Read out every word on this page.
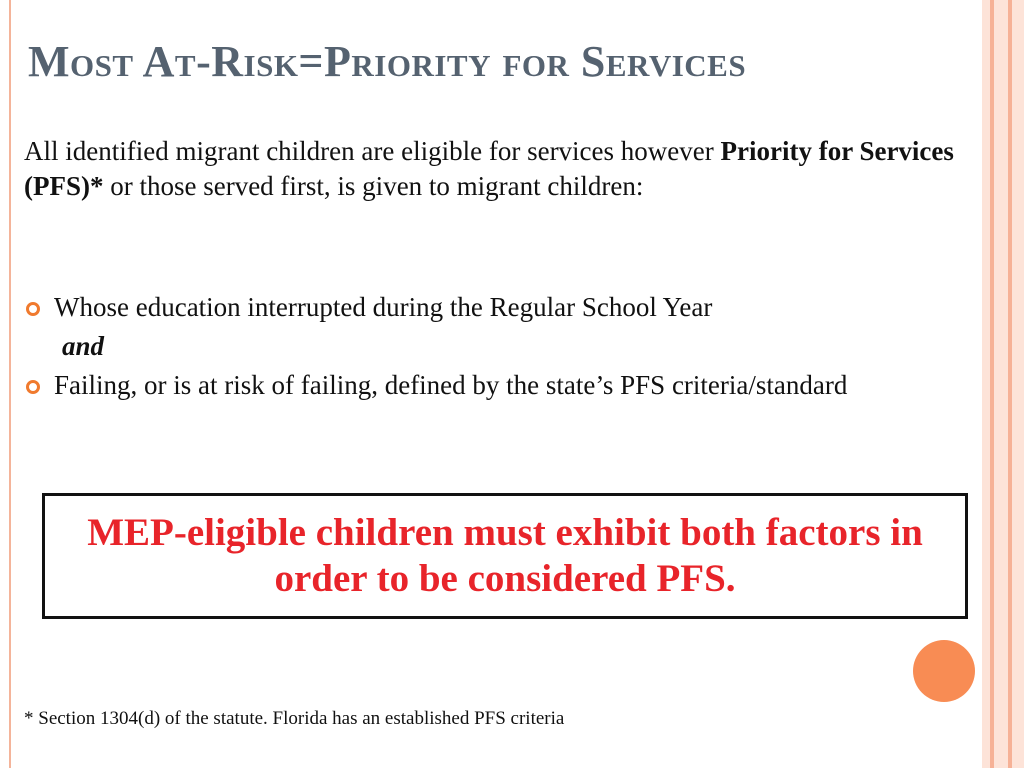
Most At-Risk=Priority for Services

All identified migrant children are eligible for services however Priority for Services (PFS)* or those served first, is given to migrant children:

Whose education interrupted during the Regular School Year
and
Failing, or is at risk of failing, defined by the state’s PFS criteria/standard
MEP-eligible children must exhibit both factors in order to be considered PFS.

* Section 1304(d) of the statute. Florida has an established PFS criteria
